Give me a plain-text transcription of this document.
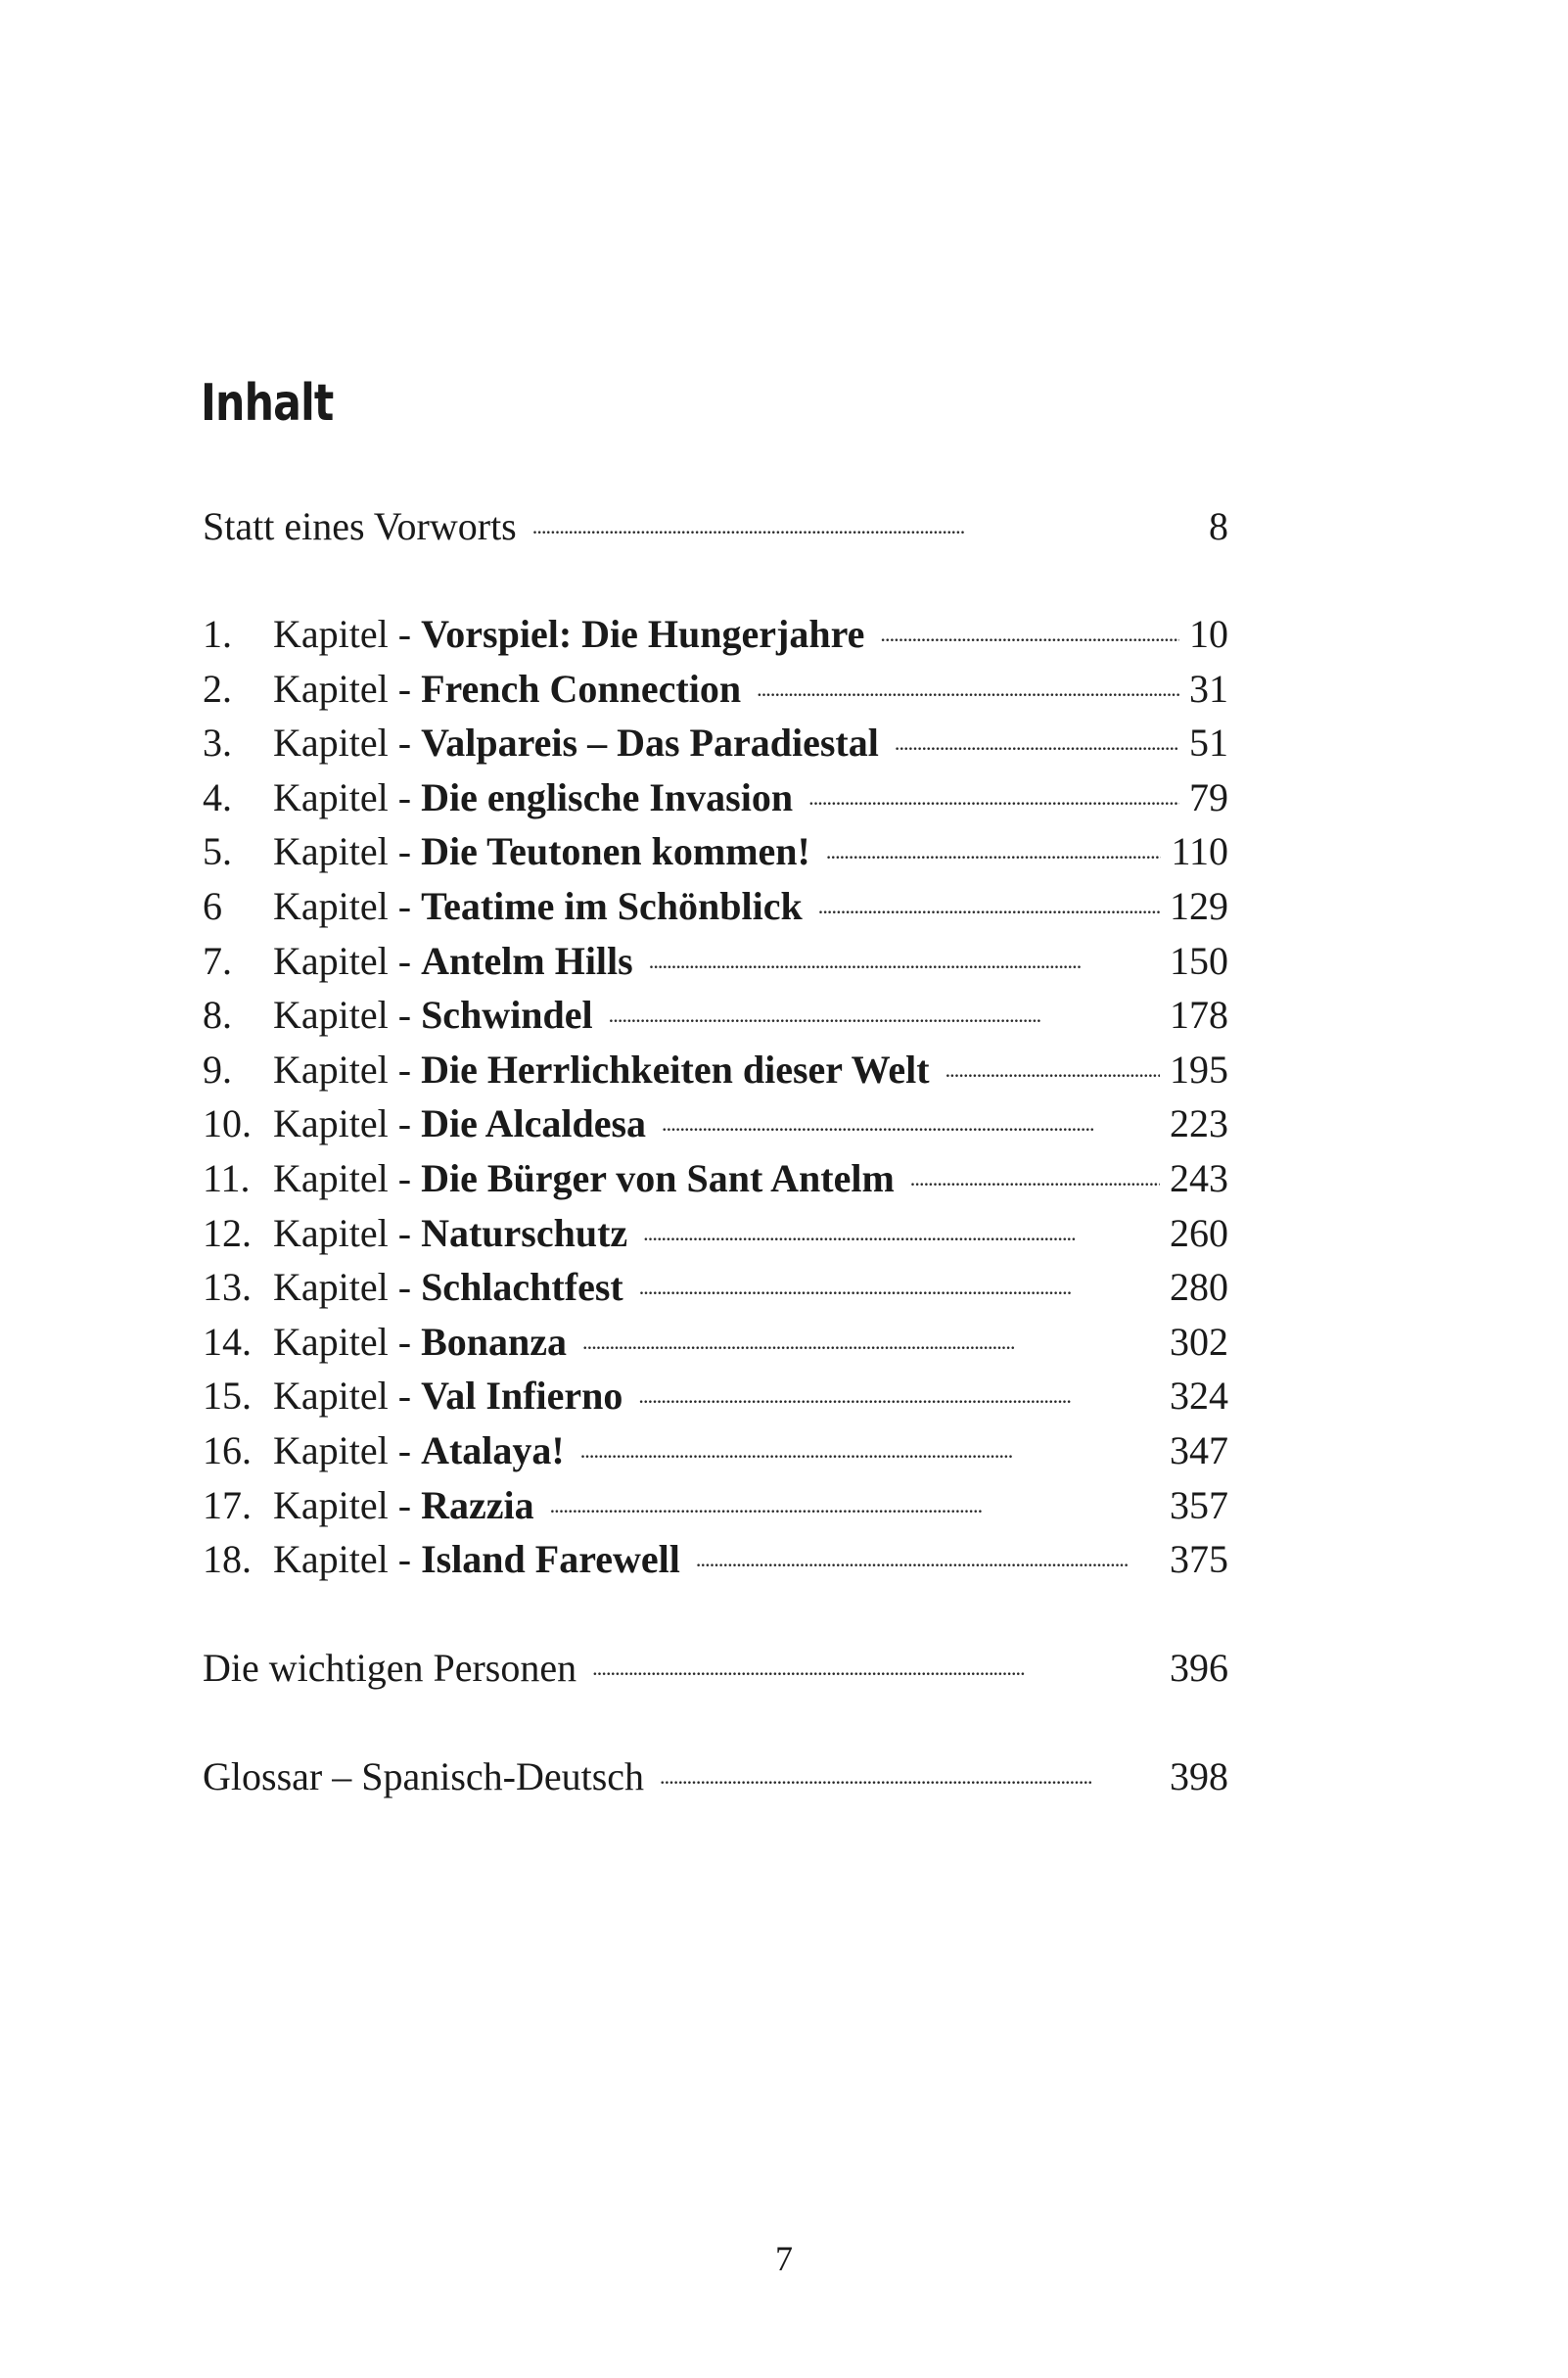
Inhalt
Statt eines Vorworts . . .	8
1.	Kapitel - Vorspiel: Die Hungerjahre . . .	10
2.	Kapitel - French Connection . . .	31
3.	Kapitel - Valpareis – Das Paradiestal . . .	51
4.	Kapitel - Die englische Invasion . . .	79
5.	Kapitel - Die Teutonen kommen! . . .	110
6	Kapitel - Teatime im Schönblick . . .	129
7.	Kapitel - Antelm Hills . . .	150
8.	Kapitel - Schwindel . . .	178
9.	Kapitel - Die Herrlichkeiten dieser Welt . . .	195
10. Kapitel - Die Alcaldesa . . .	223
11. Kapitel - Die Bürger von Sant Antelm . . .	243
12. Kapitel - Naturschutz . . .	260
13. Kapitel - Schlachtfest . . .	280
14. Kapitel - Bonanza . . .	302
15. Kapitel - Val Infierno . . .	324
16. Kapitel - Atalaya! . . .	347
17. Kapitel - Razzia . . .	357
18. Kapitel - Island Farewell . . .	375
Die wichtigen Personen . . .	396
Glossar – Spanisch-Deutsch . . .	398
7
